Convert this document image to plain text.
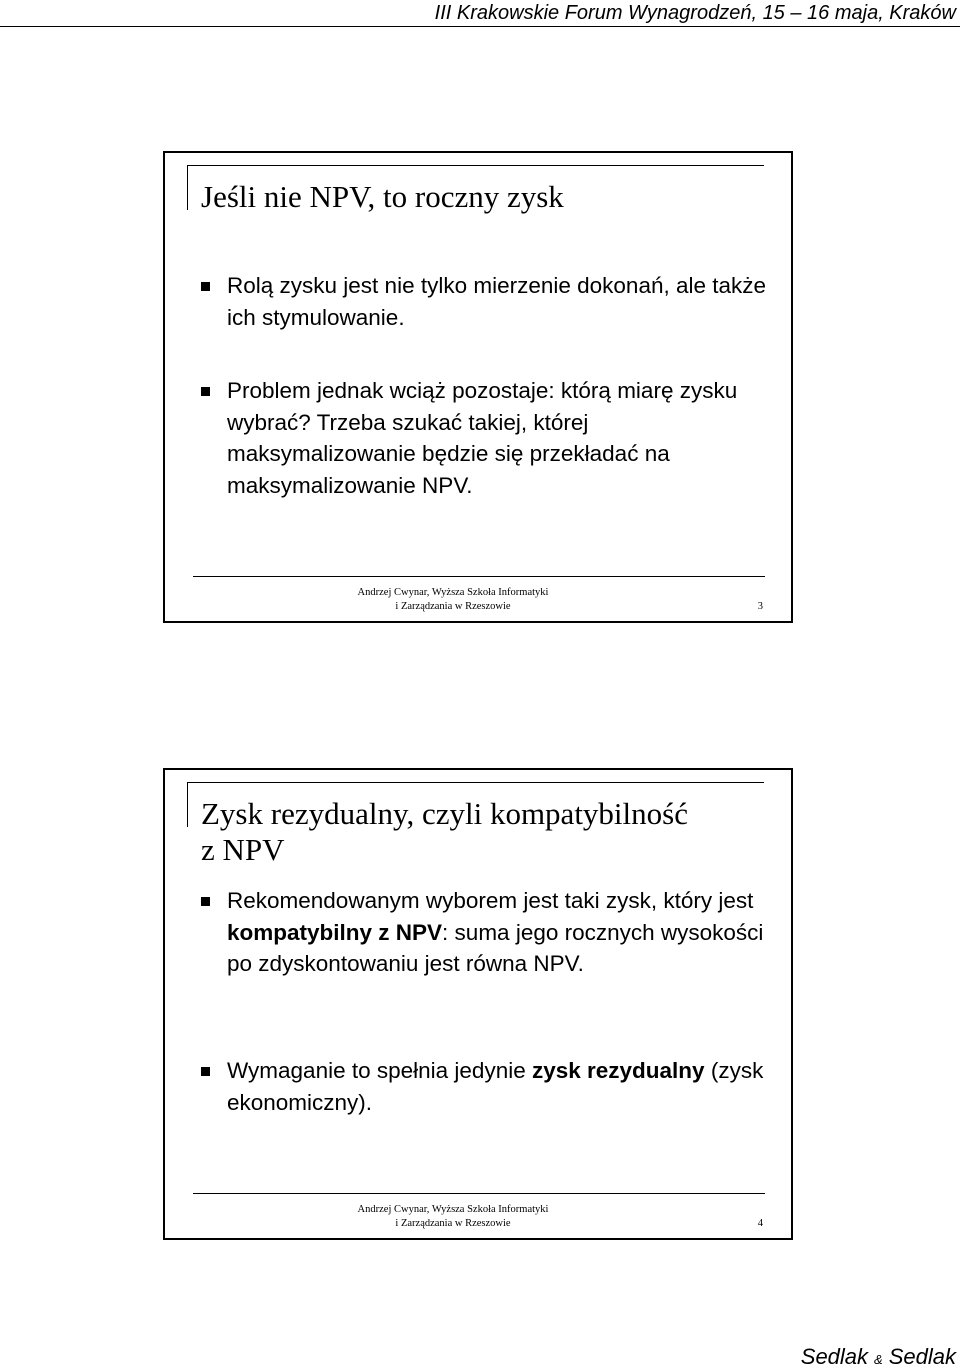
III Krakowskie Forum Wynagrodzeń, 15 – 16 maja, Kraków
Jeśli nie NPV, to roczny zysk
Rolą zysku jest nie tylko mierzenie dokonań, ale także ich stymulowanie.
Problem jednak wciąż pozostaje: którą miarę zysku wybrać? Trzeba szukać takiej, której maksymalizowanie będzie się przekładać na maksymalizowanie NPV.
Andrzej Cwynar, Wyższa Szkoła Informatyki
i Zarządzania w Rzeszowie	3
Zysk rezydualny, czyli kompatybilność
z NPV
Rekomendowanym wyborem jest taki zysk, który jest kompatybilny z NPV: suma jego rocznych wysokości po zdyskontowaniu jest równa NPV.
Wymaganie to spełnia jedynie zysk rezydualny (zysk ekonomiczny).
Andrzej Cwynar, Wyższa Szkoła Informatyki
i Zarządzania w Rzeszowie	4
Sedlak & Sedlak
